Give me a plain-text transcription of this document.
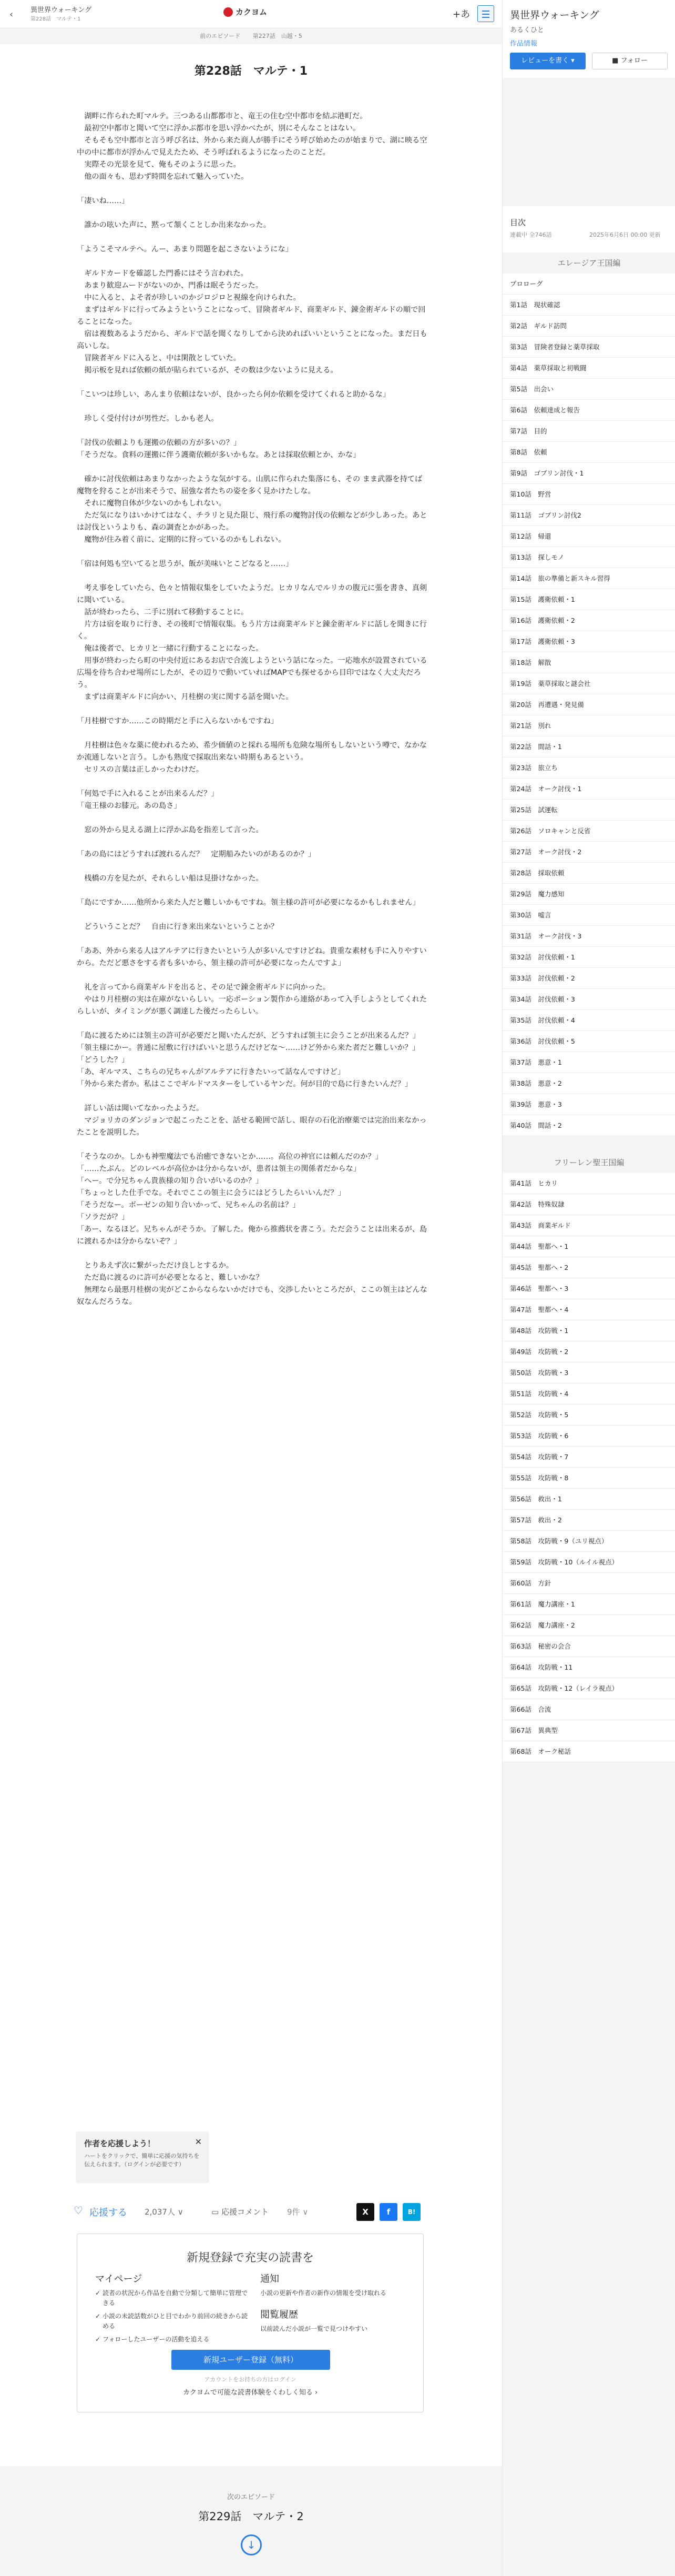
‹	異世界ウォーキング
第228話　マルテ・1
カクヨム	+あ
前のエピソード 第227話　山越・5
第228話　マルテ・1

湖畔に作られた町マルテ。三つある山都都市と、竜王の住む空中都市を結ぶ港町だ。

最初空中都市と聞いて空に浮かぶ都市を思い浮かべたが、別にそんなことはない。

そもそも空中都市と言う呼び名は、外から来た商人が勝手にそう呼び始めたのが始まりで、湖に映る空中の中に都市が浮かんで見えたため、そう呼ばれるようになったのことだ。

実際その光景を見て、俺もそのように思った。

他の面々も、思わず時間を忘れて魅入っていた。

「凄いね……」

誰かの呟いた声に、黙って頷くことしか出来なかった。

「ようこそマルテへ。んー、あまり問題を起こさないようにな」

ギルドカードを確認した門番にはそう言われた。

あまり歓迎ムードがないのか、門番は眠そうだった。

中に入ると、よそ者が珍しいのかジロジロと視線を向けられた。

まずはギルドに行ってみようということになって、冒険者ギルド、商業ギルド、錬金術ギルドの順で回ることになった。

宿は複数あるようだから、ギルドで話を聞くなりしてから決めればいいということになった。まだ日も高いしな。

冒険者ギルドに入ると、中は閑散としていた。

掲示板を見れば依頼の紙が貼られているが、その数は少ないように見える。

「こいつは珍しい、あんまり依頼はないが、良かったら何か依頼を受けてくれると助かるな」

珍しく受付付けが男性だ。しかも老人。

「討伐の依頼よりも運搬の依頼の方が多いの？」

「そうだな。食料の運搬に伴う護衛依頼が多いかもな。あとは採取依頼とか、かな」

確かに討伐依頼はあまりなかったような気がする。山肌に作られた集落にも、その まま武器を持てば魔物を狩ることが出来そうで、屈強な者たちの姿を多く見かけたしな。

それに魔物自体が少ないのかもしれない。

ただ気になりはいかけてはなく、チラリと見た限じ、飛行系の魔物討伐の依頼などが少しあった。あとは討伐というよりも、森の調査とかがあった。

魔物が住み着く前に、定期的に狩っているのかもしれない。

「宿は何処も空いてると思うが、飯が美味いとこどなると……」

考え事をしていたら、色々と情報収集をしていたようだ。ヒカリなんでルリカの腹元に張を書き、真剣に聞いている。

話が終わったら、二手に別れて移動することに。

片方は宿を取りに行き、その後町で情報収集。もう片方は商業ギルドと錬金術ギルドに話しを聞きに行く。

俺は後者で、ヒカリと一緒に行動することになった。

用事が終わったら町の中央付近にあるお店で合流しようという話になった。一応地水が設置されている広場を待ち合わせ場所にしたが、その辺りで動いていればMAPでも探せるから目印ではなく大丈夫だろう。

まずは商業ギルドに向かい、月桂樹の実に関する話を聞いた。

「月桂樹ですか……この時期だと手に入らないかもですね」

月桂樹は色々な薬に使われるため、希少価値のと採れる場所も危険な場所もしないという噂で、なかなか流通しないと言う。しかも熟度で採取出来ない時期もあるという。

セリスの言葉は正しかったわけだ。

「何処で手に入れることが出来るんだ？」

「竜王様のお膝元。あの島さ」

窓の外から見える湖上に浮かぶ島を指差して言った。

「あの島にはどうすれば渡れるんだ？　定期船みたいのがあるのか？」

桟橋の方を見たが、それらしい船は見掛けなかった。

「島にですか……他所から来た人だと難しいかもですね。領主様の許可が必要になるかもしれません」

どういうことだ？　自由に行き来出来ないということか？

「ああ、外から来る人はアルテアに行きたいという人が多いんですけどね。貴重な素材も手に入りやすいから。ただど悪さをする者も多いから、領主様の許可が必要になったんですよ」

礼を言ってから商業ギルドを出ると、その足で錬金術ギルドに向かった。

やはり月桂樹の実は在庫がないらしい。一応ポーション製作から連絡があって入手しようとしてくれたらしいが、タイミングが悪く調達した後だったらしい。

「島に渡るためには領主の許可が必要だと聞いたんだが、どうすれば領主に会うことが出来るんだ？」

「領主様にかー。普通に屋敷に行けばいいと思うんだけどな～……けど外から来た者だと難しいか？」

「どうした？」

「あ、ギルマス、こちらの兄ちゃんがアルテアに行きたいって話なんですけど」

「外から来た者か。私はここでギルドマスターをしているヤンだ。何が目的で島に行きたいんだ？」

詳しい話は聞いてなかったようだ。

マジョリカのダンジョンで起こったことを、話せる範囲で話し、眼存の石化治療薬では完治出来なかったことを説明した。

「そうなのか。しかも神聖魔法でも治癒できないとか……。高位の神官には頼んだのか？」

「……たぶん。どのレベルが高位かは分からないが、患者は領主の関係者だからな」

「へー。で分兄ちゃん貴族様の知り合いがいるのか？」

「ちょっとした仕手でな。それでここの領主に会うにはどうしたらいいんだ？」

「そうだなー。ボーゼンの知り合いかって、兄ちゃんの名前は？」

「ソラだが？」

「あー、なるほど。兄ちゃんがそうか。了解した。俺から推薦状を書こう。ただ会うことは出来るが、島に渡れるかは分からないぞ？」

とりあえず次に繋がっただけ良しとするか。

ただ島に渡るのに許可が必要となると、難しいかな？

無理なら最悪月桂樹の実がどこからならないかだけでも、交渉したいところだが、ここの領主はどんな奴なんだろうな。

作者を応援しよう！
ハートをクリックで、簡単に応援の気持ちを伝えられます。（ログインが必要です）
✕
♡ 応援する 2,037人 ∨	▭ 応援コメント 9件 ∨	X	f	B!
新規登録で充実の読書を
マイページ
✓ 読者の状況から作品を自動で分類して簡単に管理できる
✓ 小説の未読話数がひと目でわかり前回の続きから読める
✓ フォローしたユーザーの活動を追える
通知
小説の更新や作者の新作の情報を受け取れる
閲覧履歴
以前読んだ小説が一覧で見つけやすい
新規ユーザー登録（無料）
アカウントをお持ちの方はログイン
カクヨムで可能な読書体験をくわしく知る ›
次のエピソード
第229話　マルテ・2
↓
異世界ウォーキング
あるくひと
作品情報
レビューを書く ▾	■ フォロー
目次
連載中 全746話	2025年6月6日 00:00 更新
エレージア王国編
プロローグ
第1話　現状確認
第2話　ギルド訪問
第3話　冒険者登録と薬草採取
第4話　薬草採取と初戦闘
第5話　出会い
第6話　依頼達成と報告
第7話　目的
第8話　依頼
第9話　ゴブリン討伐・1
第10話　野営
第11話　ゴブリン討伐2
第12話　帰還
第13話　探しモノ
第14話　旅の準備と新スキル習得
第15話　護衛依頼・1
第16話　護衛依頼・2
第17話　護衛依頼・3
第18話　解散
第19話　薬草採取と謎会社
第20話　再遭遇・発見備
第21話　別れ
第22話　間話・1
第23話　旅立ち
第24話　オーク討伐・1
第25話　試運転
第26話　ソロキャンと反省
第27話　オーク討伐・2
第28話　採取依頼
第29話　魔力感知
第30話　嘘言
第31話　オーク討伐・3
第32話　討伐依頼・1
第33話　討伐依頼・2
第34話　討伐依頼・3
第35話　討伐依頼・4
第36話　討伐依頼・5
第37話　悪意・1
第38話　悪意・2
第39話　悪意・3
第40話　間話・2
フリーレン聖王国編
第41話　ヒカリ
第42話　特殊奴隷
第43話　商業ギルド
第44話　聖都へ・1
第45話　聖都へ・2
第46話　聖都へ・3
第47話　聖都へ・4
第48話　攻防戦・1
第49話　攻防戦・2
第50話　攻防戦・3
第51話　攻防戦・4
第52話　攻防戦・5
第53話　攻防戦・6
第54話　攻防戦・7
第55話　攻防戦・8
第56話　救出・1
第57話　救出・2
第58話　攻防戦・9（ユリ視点）
第59話　攻防戦・10（ルイル視点）
第60話　方針
第61話　魔力講座・1
第62話　魔力講座・2
第63話　秘密の会合
第64話　攻防戦・11
第65話　攻防戦・12（レイラ視点）
第66話　合流
第67話　異典型
第68話　オーク秘話
